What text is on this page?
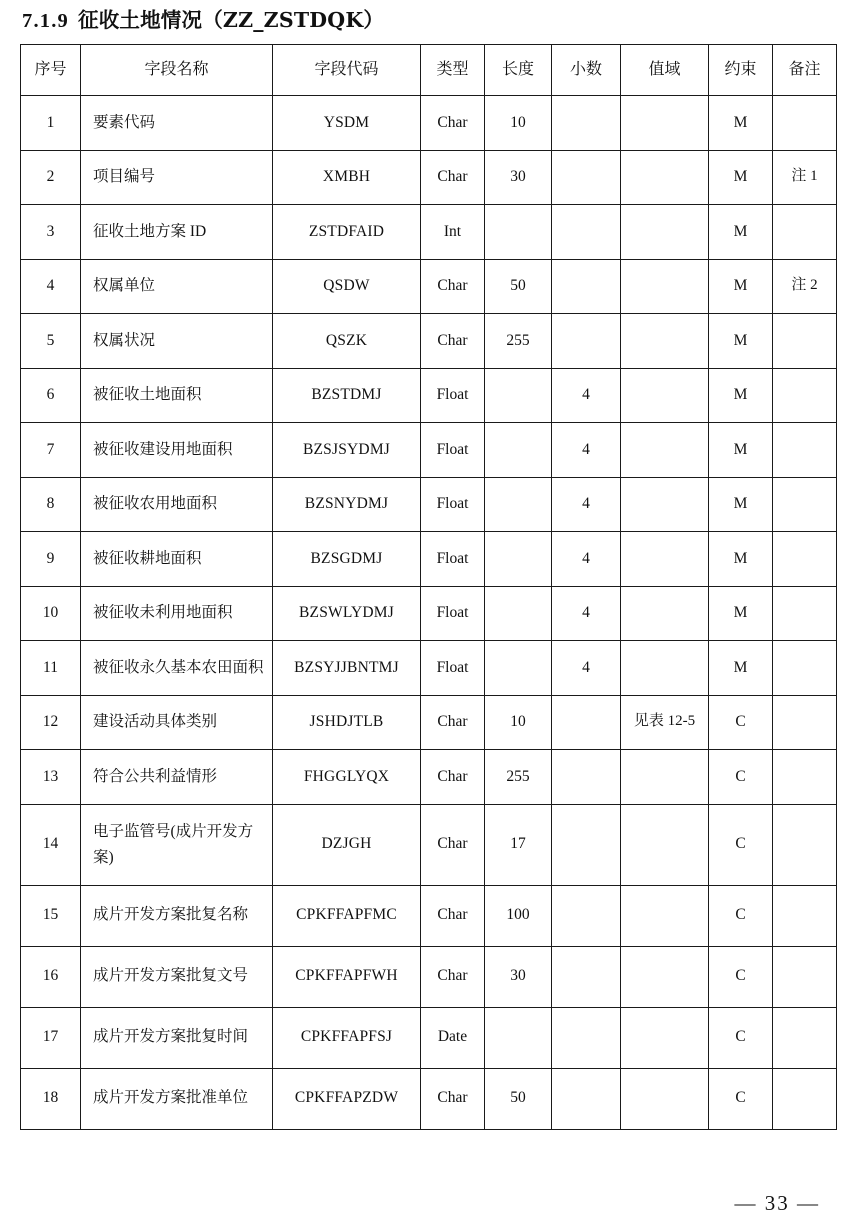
7.1.9 征收土地情况（ZZ_ZSTDQK）
序号	字段名称	字段代码	类型	长度	小数	值域	约束	备注
1	要素代码	YSDM	Char	10			M	
2	项目编号	XMBH	Char	30			M	注 1
3	征收土地方案 ID	ZSTDFAID	Int				M	
4	权属单位	QSDW	Char	50			M	注 2
5	权属状况	QSZK	Char	255			M	
6	被征收土地面积	BZSTDMJ	Float		4		M	
7	被征收建设用地面积	BZSJSYDMJ	Float		4		M	
8	被征收农用地面积	BZSNYDMJ	Float		4		M	
9	被征收耕地面积	BZSGDMJ	Float		4		M	
10	被征收未利用地面积	BZSWLYDMJ	Float		4		M	
11	被征收永久基本农田面积	BZSYJJBNTMJ	Float		4		M	
12	建设活动具体类别	JSHDJTLB	Char	10		见表 12-5	C	
13	符合公共利益情形	FHGGLYQX	Char	255			C	
14	电子监管号(成片开发方案)	DZJGH	Char	17			C	
15	成片开发方案批复名称	CPKFFAPFMC	Char	100			C	
16	成片开发方案批复文号	CPKFFAPFWH	Char	30			C	
17	成片开发方案批复时间	CPKFFAPFSJ	Date				C	
18	成片开发方案批准单位	CPKFFAPZDW	Char	50			C	
— 33 —
